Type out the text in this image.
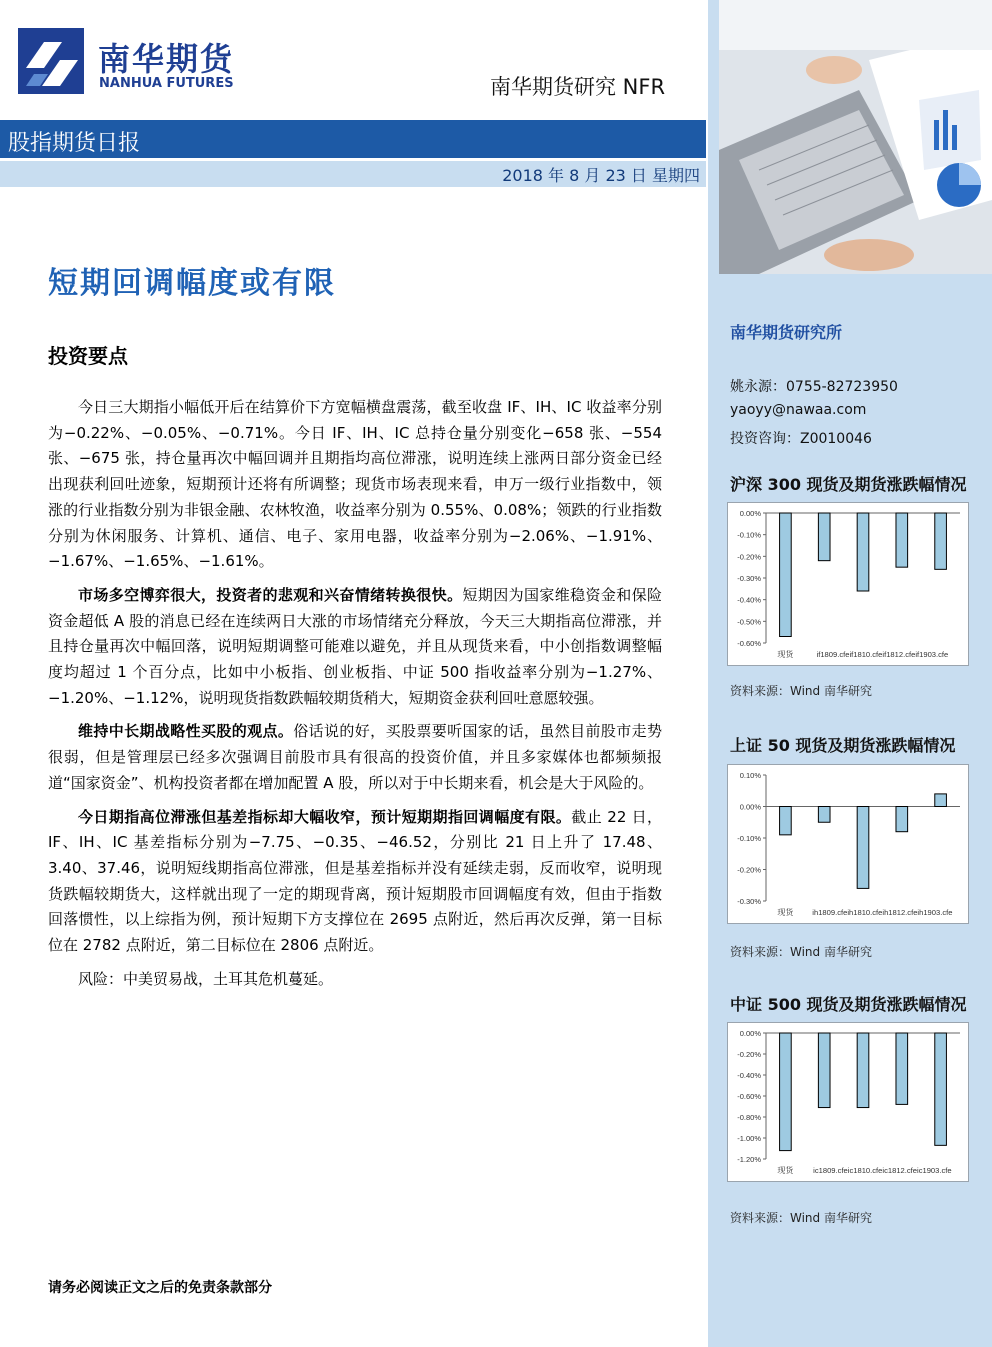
南华期货
NANHUA FUTURES	南华期货研究 NFR
股指期货日报
2018 年 8 月 23 日 星期四
南华期货研究所
姚永源：0755-82723950
yaoyy@nawaa.com
投资咨询：Z0010046
沪深 300 现货及期货涨跌幅情况
0.00%
-0.10%
-0.20%
-0.30%
-0.40%
-0.50%
-0.60%
现货	if1809.cfeif1810.cfeif1812.cfeif1903.cfe
资料来源：Wind 南华研究
上证 50 现货及期货涨跌幅情况
0.10%
0.00%
-0.10%
-0.20%
-0.30%
现货 ih1809.cfeih1810.cfeih1812.cfeih1903.cfe
资料来源：Wind 南华研究
中证 500 现货及期货涨跌幅情况
0.00%
-0.20%
-0.40%
-0.60%
-0.80%
-1.00%
-1.20%
现货	ic1809.cfeic1810.cfeic1812.cfeic1903.cfe
资料来源：Wind 南华研究
短期回调幅度或有限
投资要点

今日三大期指小幅低开后在结算价下方宽幅横盘震荡，截至收盘 IF、IH、IC 收益率分别为−0.22%、−0.05%、−0.71%。今日 IF、IH、IC 总持仓量分别变化−658 张、−554 张、−675 张，持仓量再次中幅回调并且期指均高位滞涨，说明连续上涨两日部分资金已经出现获利回吐迹象，短期预计还将有所调整；现货市场表现来看，申万一级行业指数中，领涨的行业指数分别为非银金融、农林牧渔，收益率分别为 0.55%、0.08%；领跌的行业指数分别为休闲服务、计算机、通信、电子、家用电器，收益率分别为−2.06%、−1.91%、−1.67%、−1.65%、−1.61%。

市场多空博弈很大，投资者的悲观和兴奋情绪转换很快。短期因为国家维稳资金和保险资金超低 A 股的消息已经在连续两日大涨的市场情绪充分释放，今天三大期指高位滞涨，并且持仓量再次中幅回落，说明短期调整可能难以避免，并且从现货来看，中小创指数调整幅度均超过 1 个百分点，比如中小板指、创业板指、中证 500 指收益率分别为−1.27%、−1.20%、−1.12%，说明现货指数跌幅较期货稍大，短期资金获利回吐意愿较强。

维持中长期战略性买股的观点。俗话说的好，买股票要听国家的话，虽然目前股市走势很弱，但是管理层已经多次强调目前股市具有很高的投资价值，并且多家媒体也都频频报道“国家资金”、机构投资者都在增加配置 A 股，所以对于中长期来看，机会是大于风险的。

今日期指高位滞涨但基差指标却大幅收窄，预计短期期指回调幅度有限。截止 22 日，IF、IH、IC 基差指标分别为−7.75、−0.35、−46.52，分别比 21 日上升了 17.48、3.40、37.46，说明短线期指高位滞涨，但是基差指标并没有延续走弱，反而收窄，说明现货跌幅较期货大，这样就出现了一定的期现背离，预计短期股市回调幅度有效，但由于指数回落惯性，以上综指为例，预计短期下方支撑位在 2695 点附近，然后再次反弹，第一目标位在 2782 点附近，第二目标位在 2806 点附近。

风险：中美贸易战，土耳其危机蔓延。

请务必阅读正文之后的免责条款部分
